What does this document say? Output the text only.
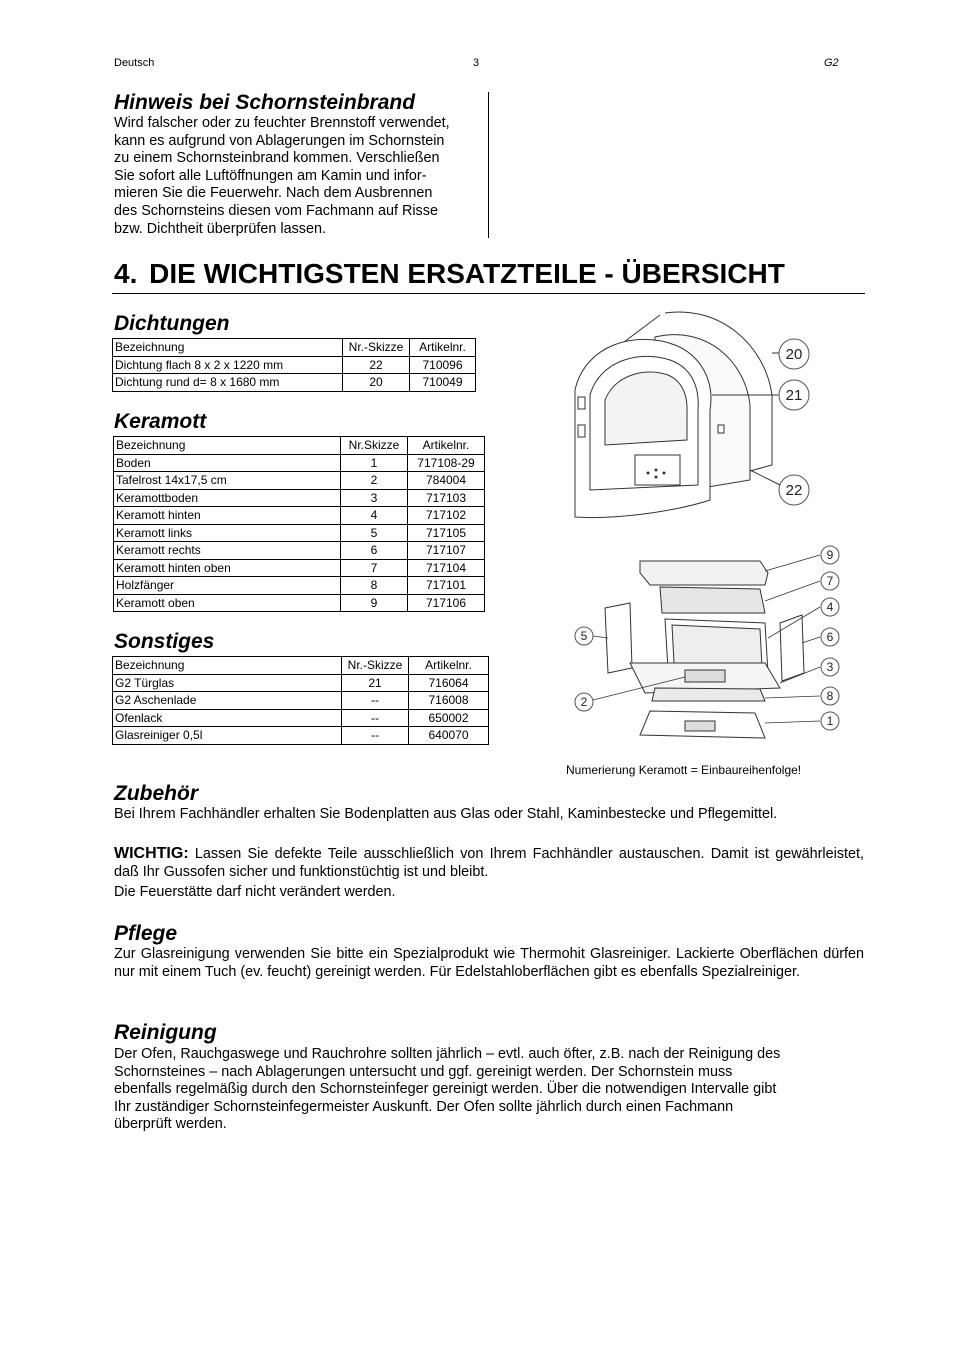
Deutsch	3	G2
Hinweis bei Schornsteinbrand
Wird falscher oder zu feuchter Brennstoff verwendet,
kann es aufgrund von Ablagerungen im Schornstein
zu einem Schornsteinbrand kommen. Verschließen
Sie sofort alle Luftöffnungen am Kamin und infor-
mieren Sie die Feuerwehr. Nach dem Ausbrennen
des Schornsteins diesen vom Fachmann auf Risse
bzw. Dichtheit überprüfen lassen.
4. DIE WICHTIGSTEN ERSATZTEILE - ÜBERSICHT
Dichtungen
Bezeichnung	Nr.-Skizze	Artikelnr.
Dichtung flach 8 x 2 x 1220 mm	22	710096
Dichtung rund d= 8 x 1680 mm	20	710049
Keramott
Bezeichnung	Nr.Skizze	Artikelnr.
Boden	1	717108-29
Tafelrost 14x17,5 cm	2	784004
Keramottboden	3	717103
Keramott hinten	4	717102
Keramott links	5	717105
Keramott rechts	6	717107
Keramott hinten oben	7	717104
Holzfänger	8	717101
Keramott oben	9	717106
Sonstiges
Bezeichnung	Nr.-Skizze	Artikelnr.
G2 Türglas	21	716064
G2 Aschenlade	--	716008
Ofenlack	--	650002
Glasreiniger 0,5l	--	640070
20
21
22
9
7
4
6
3
8
1
5
2
Numerierung Keramott = Einbaureihenfolge!
Zubehör

Bei Ihrem Fachhändler erhalten Sie Bodenplatten aus Glas oder Stahl, Kaminbestecke und Pflegemittel.

WICHTIG: Lassen Sie defekte Teile ausschließlich von Ihrem Fachhändler austauschen. Damit ist gewährleistet, daß Ihr Gussofen sicher und funktionstüchtig ist und bleibt.

Die Feuerstätte darf nicht verändert werden.

Pflege

Zur Glasreinigung verwenden Sie bitte ein Spezialprodukt wie Thermohit Glasreiniger. Lackierte Oberflächen dürfen nur mit einem Tuch (ev. feucht) gereinigt werden. Für Edelstahloberflächen gibt es ebenfalls Spezialreiniger.

Reinigung
Der Ofen, Rauchgaswege und Rauchrohre sollten jährlich – evtl. auch öfter, z.B. nach der Reinigung des
Schornsteines – nach Ablagerungen untersucht und ggf. gereinigt werden. Der Schornstein muss
ebenfalls regelmäßig durch den Schornsteinfeger gereinigt werden. Über die notwendigen Intervalle gibt
Ihr zuständiger Schornsteinfegermeister Auskunft. Der Ofen sollte jährlich durch einen Fachmann
überprüft werden.
